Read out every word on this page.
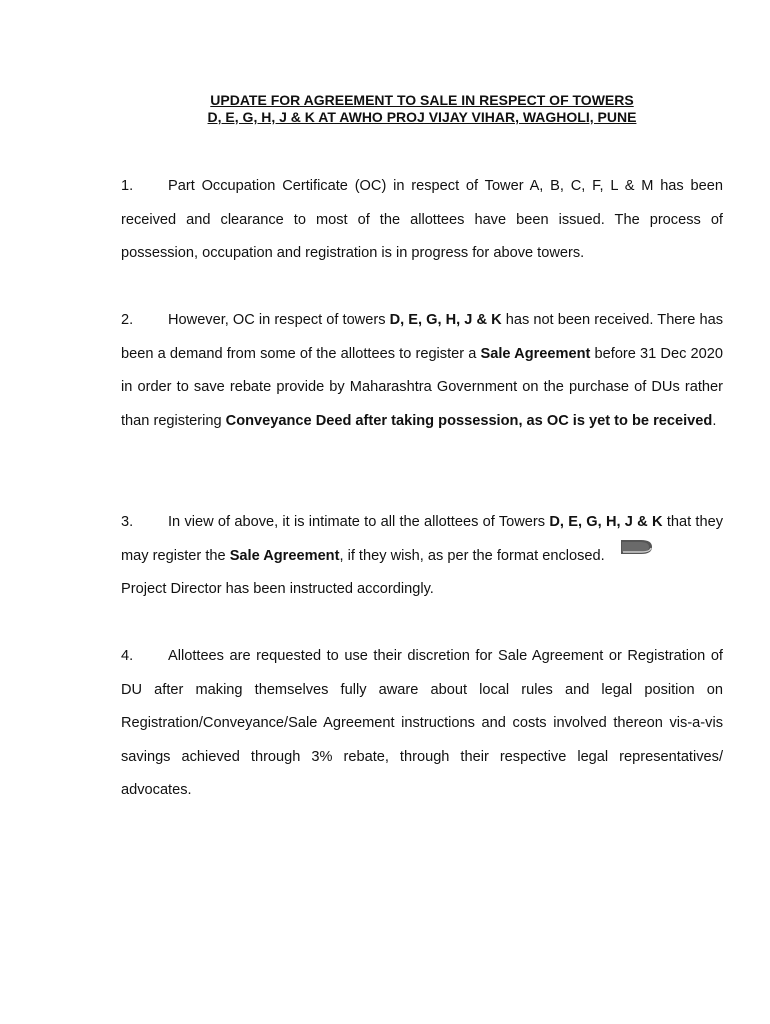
UPDATE FOR AGREEMENT TO SALE IN RESPECT OF TOWERS
D, E, G, H, J & K AT AWHO PROJ VIJAY VIHAR, WAGHOLI, PUNE

1. Part Occupation Certificate (OC) in respect of Tower A, B, C, F, L & M has been received and clearance to most of the allottees have been issued. The process of possession, occupation and registration is in progress for above towers.

2. However, OC in respect of towers D, E, G, H, J & K has not been received. There has been a demand from some of the allottees to register a Sale Agreement before 31 Dec 2020 in order to save rebate provide by Maharashtra Government on the purchase of DUs rather than registering Conveyance Deed after taking possession, as OC is yet to be received.

3. In view of above, it is intimate to all the allottees of Towers D, E, G, H, J & K that they may register the Sale Agreement, if they wish, as per the format enclosed.
Project Director has been instructed accordingly.

4. Allottees are requested to use their discretion for Sale Agreement or Registration of DU after making themselves fully aware about local rules and legal position on Registration/Conveyance/Sale Agreement instructions and costs involved thereon vis-a-vis savings achieved through 3% rebate, through their respective legal representatives/ advocates.
